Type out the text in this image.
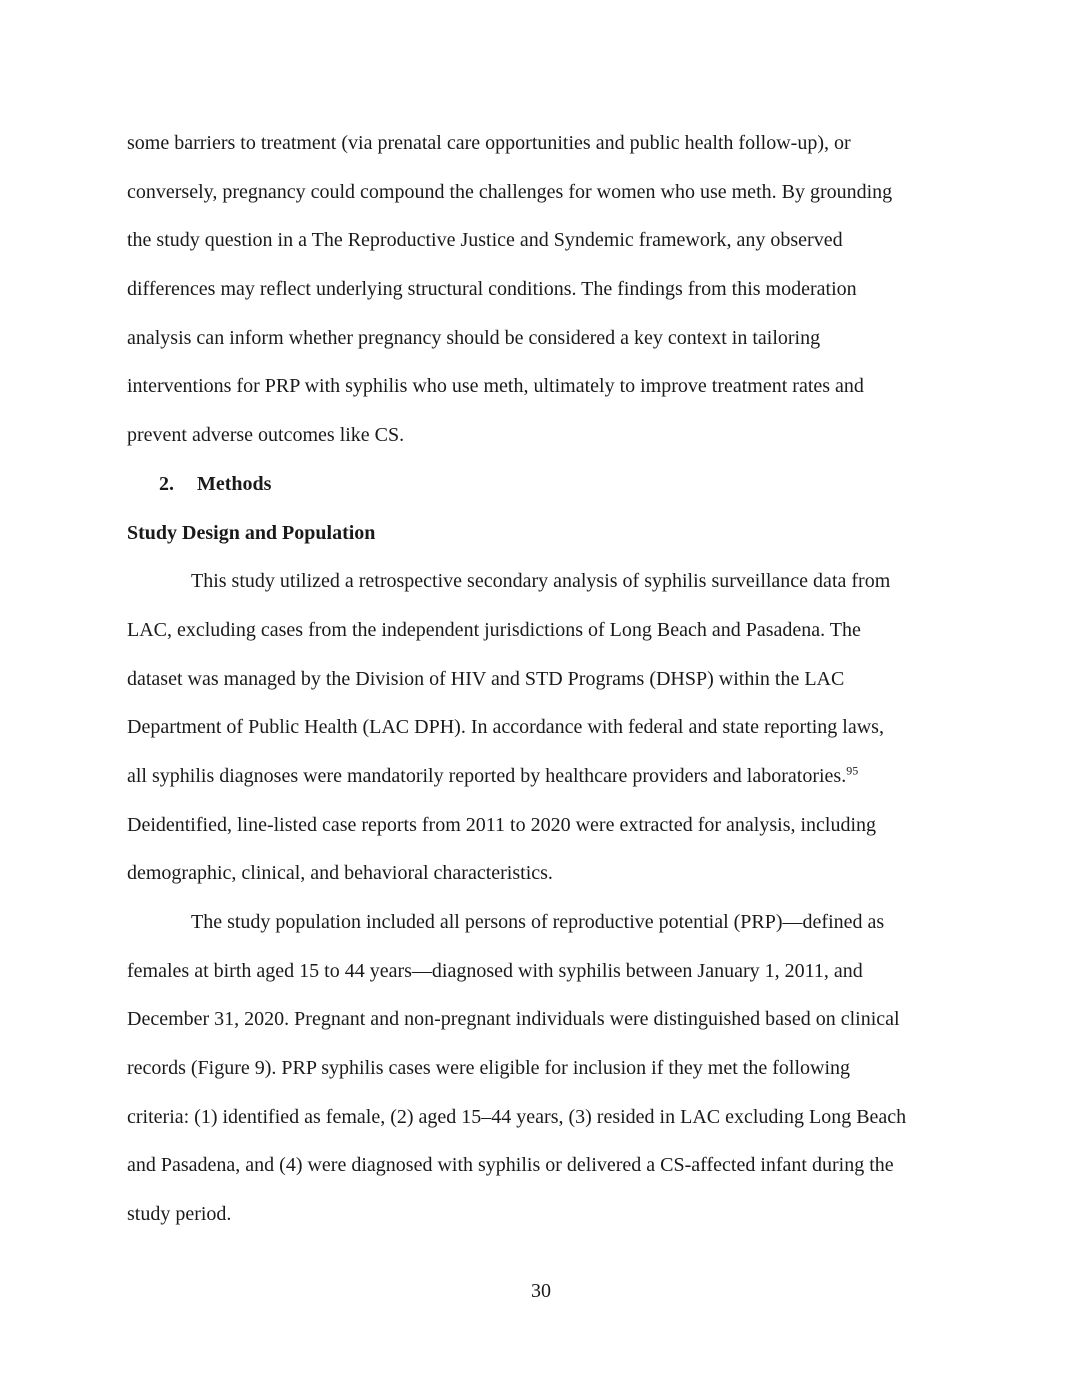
some barriers to treatment (via prenatal care opportunities and public health follow-up), or
conversely, pregnancy could compound the challenges for women who use meth. By grounding
the study question in a The Reproductive Justice and Syndemic framework, any observed
differences may reflect underlying structural conditions. The findings from this moderation
analysis can inform whether pregnancy should be considered a key context in tailoring
interventions for PRP with syphilis who use meth, ultimately to improve treatment rates and
prevent adverse outcomes like CS.
2. Methods
Study Design and Population
This study utilized a retrospective secondary analysis of syphilis surveillance data from
LAC, excluding cases from the independent jurisdictions of Long Beach and Pasadena. The
dataset was managed by the Division of HIV and STD Programs (DHSP) within the LAC
Department of Public Health (LAC DPH). In accordance with federal and state reporting laws,
all syphilis diagnoses were mandatorily reported by healthcare providers and laboratories.$^{95}$
Deidentified, line-listed case reports from 2011 to 2020 were extracted for analysis, including
demographic, clinical, and behavioral characteristics.
The study population included all persons of reproductive potential (PRP)—defined as
females at birth aged 15 to 44 years—diagnosed with syphilis between January 1, 2011, and
December 31, 2020. Pregnant and non-pregnant individuals were distinguished based on clinical
records (Figure 9). PRP syphilis cases were eligible for inclusion if they met the following
criteria: (1) identified as female, (2) aged 15–44 years, (3) resided in LAC excluding Long Beach
and Pasadena, and (4) were diagnosed with syphilis or delivered a CS-affected infant during the
study period.
30
